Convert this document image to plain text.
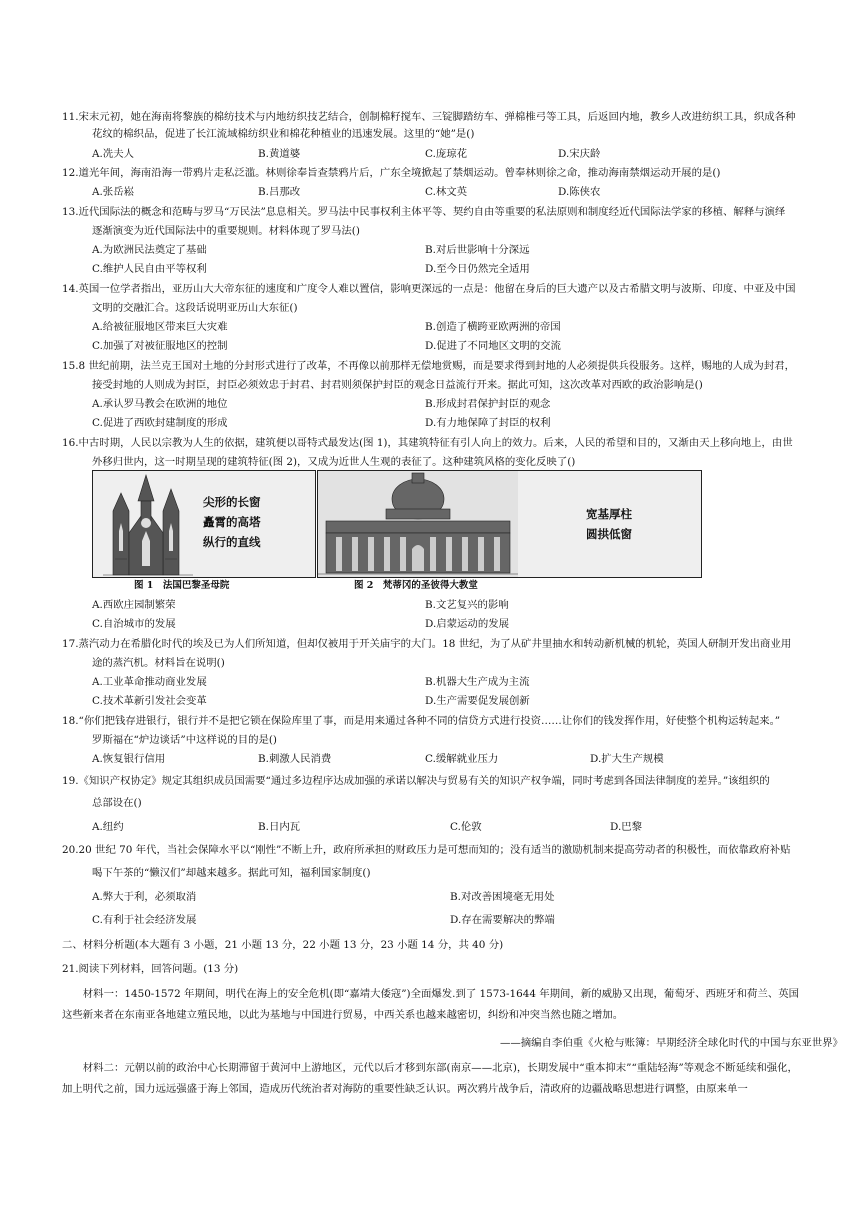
11.宋末元初，她在海南将黎族的棉纺技术与内地纺织技艺结合，创制棉籽搅车、三锭脚踏纺车、弹棉椎弓等工具，后返回内地，教乡人改进纺织工具，织成各种
花纹的棉织品，促进了长江流域棉纺织业和棉花种植业的迅速发展。这里的“她”是()
A.冼夫人	B.黄道婆	C.庞琼花	D.宋庆龄
12.道光年间，海南沿海一带鸦片走私泛滥。林则徐奉旨查禁鸦片后，广东全境掀起了禁烟运动。曾奉林则徐之命，推动海南禁烟运动开展的是()
A.张岳崧	B.吕那改	C.林文英	D.陈侠农
13.近代国际法的概念和范畴与罗马“万民法”息息相关。罗马法中民事权利主体平等、契约自由等重要的私法原则和制度经近代国际法学家的移植、解释与演绎
逐渐演变为近代国际法中的重要规则。材料体现了罗马法()
A.为欧洲民法奠定了基础	B.对后世影响十分深远
C.维护人民自由平等权利	D.至今日仍然完全适用
14.英国一位学者指出，亚历山大大帝东征的速度和广度令人难以置信，影响更深远的一点是：他留在身后的巨大遗产以及古希腊文明与波斯、印度、中亚及中国
文明的交融汇合。这段话说明亚历山大东征()
A.给被征服地区带来巨大灾难	B.创造了横跨亚欧两洲的帝国
C.加强了对被征服地区的控制	D.促进了不同地区文明的交流
15.8 世纪前期，法兰克王国对土地的分封形式进行了改革，不再像以前那样无偿地赏赐，而是要求得到封地的人必须提供兵役服务。这样，赐地的人成为封君，
接受封地的人则成为封臣，封臣必须效忠于封君、封君则须保护封臣的观念日益流行开来。据此可知，这次改革对西欧的政治影响是()
A.承认罗马教会在欧洲的地位	B.形成封君保护封臣的观念
C.促进了西欧封建制度的形成	D.有力地保障了封臣的权利
16.中古时期，人民以宗教为人生的依据，建筑便以哥特式最发达(图 1)，其建筑特征有引人向上的效力。后来，人民的希望和目的，又渐由天上移向地上，由世
外移归世内，这一时期呈现的建筑特征(图 2)，又成为近世人生观的表征了。这种建筑风格的变化反映了()
尖形的长窗
矗霄的高塔
纵行的直线
图 1　法国巴黎圣母院
宽基厚柱
圆拱低窗
图 2　梵蒂冈的圣彼得大教堂
A.西欧庄园制繁荣	B.文艺复兴的影响
C.自治城市的发展	D.启蒙运动的发展
17.蒸汽动力在希腊化时代的埃及已为人们所知道，但却仅被用于开关庙宇的大门。18 世纪，为了从矿井里抽水和转动新机械的机轮，英国人研制开发出商业用
途的蒸汽机。材料旨在说明()
A.工业革命推动商业发展	B.机器大生产成为主流
C.技术革新引发社会变革	D.生产需要促发展创新
18.“你们把钱存进银行，银行并不是把它锁在保险库里了事，而是用来通过各种不同的信贷方式进行投资……让你们的钱发挥作用，好使整个机构运转起来。”
罗斯福在“炉边谈话”中这样说的目的是()
A.恢复银行信用	B.刺激人民消费	C.缓解就业压力	D.扩大生产规模
19.《知识产权协定》规定其组织成员国需要“通过多边程序达成加强的承诺以解决与贸易有关的知识产权争端，同时考虑到各国法律制度的差异。”该组织的
总部设在()
A.纽约	B.日内瓦	C.伦敦	D.巴黎
20.20 世纪 70 年代，当社会保障水平以“刚性”不断上升，政府所承担的财政压力是可想而知的；没有适当的激励机制来提高劳动者的积极性，而依靠政府补贴
喝下午茶的“懒汉们”却越来越多。据此可知，福利国家制度()
A.弊大于利，必须取消	B.对改善困境毫无用处
C.有利于社会经济发展	D.存在需要解决的弊端
二、材料分析题(本大题有 3 小题，21 小题 13 分，22 小题 13 分，23 小题 14 分，共 40 分)
21.阅读下列材料，回答问题。(13 分)
材料一：1450-1572 年期间，明代在海上的安全危机(即“嘉靖大倭寇”)全面爆发.到了 1573-1644 年期间，新的威胁又出现，葡萄牙、西班牙和荷兰、英国这些新来者在东南亚各地建立殖民地，以此为基地与中国进行贸易，中西关系也越来越密切，纠纷和冲突当然也随之增加。
——摘编自李伯重《火枪与账簿：早期经济全球化时代的中国与东亚世界》
材料二：元朝以前的政治中心长期滞留于黄河中上游地区，元代以后才移到东部(南京——北京)，长期发展中“重本抑末”“重陆轻海”等观念不断延续和强化，加上明代之前，国力远远强盛于海上邻国，造成历代统治者对海防的重要性缺乏认识。两次鸦片战争后，清政府的边疆战略思想进行调整，由原来单一
